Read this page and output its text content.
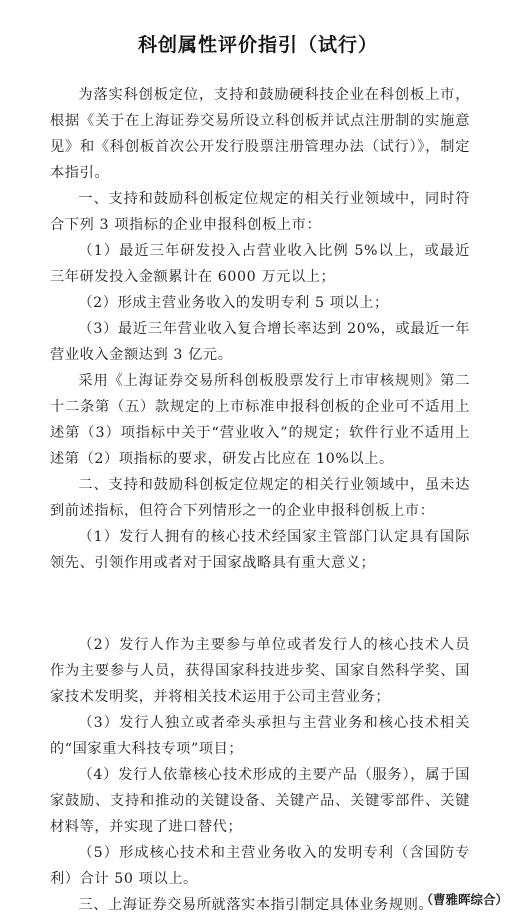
科创属性评价指引（试行）

为落实科创板定位，支持和鼓励硬科技企业在科创板上市，根据《关于在上海证券交易所设立科创板并试点注册制的实施意见》和《科创板首次公开发行股票注册管理办法（试行）》，制定本指引。

一、支持和鼓励科创板定位规定的相关行业领域中，同时符合下列 3 项指标的企业申报科创板上市：

（1）最近三年研发投入占营业收入比例 5%以上，或最近三年研发投入金额累计在 6000 万元以上；

（2）形成主营业务收入的发明专利 5 项以上；

（3）最近三年营业收入复合增长率达到 20%，或最近一年营业收入金额达到 3 亿元。

采用《上海证券交易所科创板股票发行上市审核规则》第二十二条第（五）款规定的上市标准申报科创板的企业可不适用上述第（3）项指标中关于“营业收入”的规定；软件行业不适用上述第（2）项指标的要求，研发占比应在 10%以上。

二、支持和鼓励科创板定位规定的相关行业领域中，虽未达到前述指标，但符合下列情形之一的企业申报科创板上市：

（1）发行人拥有的核心技术经国家主管部门认定具有国际领先、引领作用或者对于国家战略具有重大意义；

（2）发行人作为主要参与单位或者发行人的核心技术人员作为主要参与人员，获得国家科技进步奖、国家自然科学奖、国家技术发明奖，并将相关技术运用于公司主营业务；

（3）发行人独立或者牵头承担与主营业务和核心技术相关的“国家重大科技专项”项目；

（4）发行人依靠核心技术形成的主要产品（服务），属于国家鼓励、支持和推动的关键设备、关键产品、关键零部件、关键材料等，并实现了进口替代；

（5）形成核心技术和主营业务收入的发明专利（含国防专利）合计 50 项以上。

三、上海证券交易所就落实本指引制定具体业务规则。

（曹雅晖综合）
